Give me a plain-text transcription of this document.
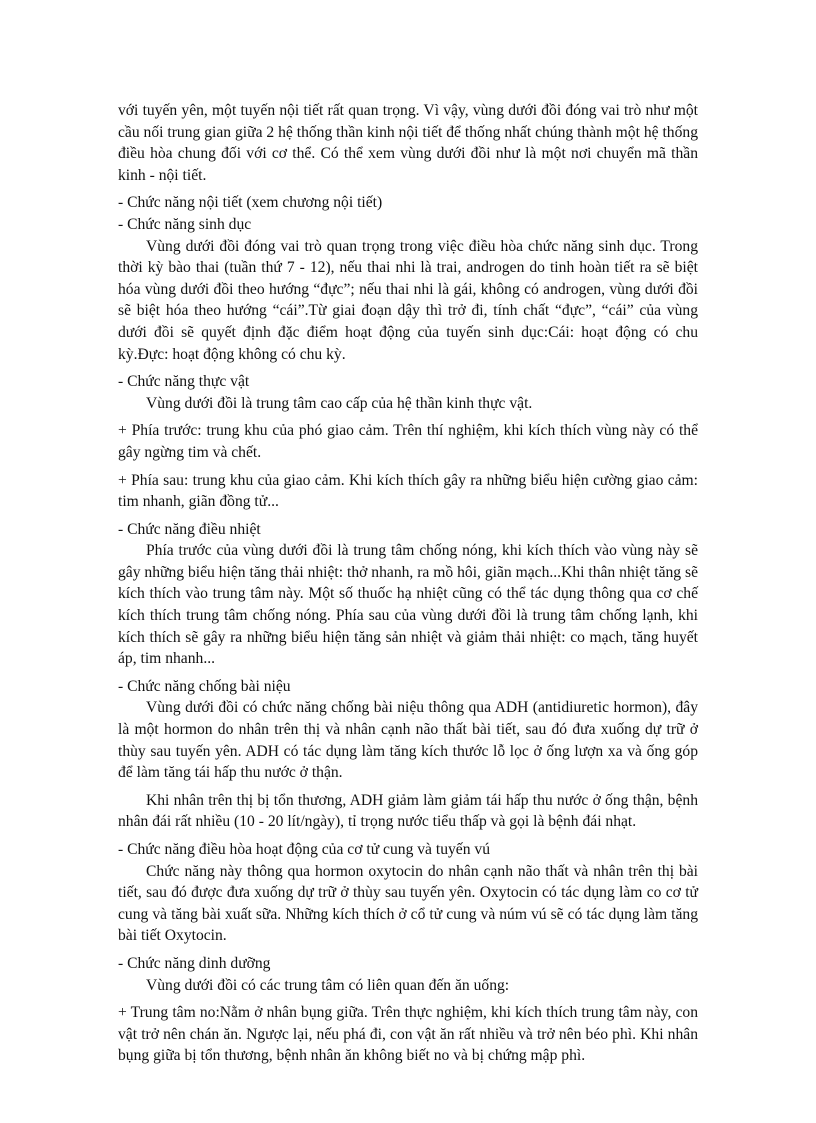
với tuyến yên, một tuyến nội tiết rất quan trọng. Vì vậy, vùng dưới đồi đóng vai trò như một cầu nối trung gian giữa 2 hệ thống thần kinh nội tiết để thống nhất chúng thành một hệ thống điều hòa chung đối với cơ thể. Có thể xem vùng dưới đồi như là một nơi chuyển mã thần kinh - nội tiết.

- Chức năng nội tiết (xem chương nội tiết)

- Chức năng sinh dục

Vùng dưới đồi đóng vai trò quan trọng trong việc điều hòa chức năng sinh dục. Trong thời kỳ bào thai (tuần thứ 7 - 12), nếu thai nhi là trai, androgen do tinh hoàn tiết ra sẽ biệt hóa vùng dưới đồi theo hướng “đực”; nếu thai nhi là gái, không có androgen, vùng dưới đồi sẽ biệt hóa theo hướng “cái”.Từ giai đoạn dậy thì trở đi, tính chất “đực”, “cái” của vùng dưới đồi sẽ quyết định đặc điểm hoạt động của tuyến sinh dục:Cái: hoạt động có chu kỳ.Đực: hoạt động không có chu kỳ.

- Chức năng thực vật

Vùng dưới đồi là trung tâm cao cấp của hệ thần kinh thực vật.

+ Phía trước: trung khu của phó giao cảm. Trên thí nghiệm, khi kích thích vùng này có thể gây ngừng tim và chết.

+ Phía sau: trung khu của giao cảm. Khi kích thích gây ra những biểu hiện cường giao cảm: tim nhanh, giãn đồng tử...

- Chức năng điều nhiệt

Phía trước của vùng dưới đồi là trung tâm chống nóng, khi kích thích vào vùng này sẽ gây những biểu hiện tăng thải nhiệt: thở nhanh, ra mồ hôi, giãn mạch...Khi thân nhiệt tăng sẽ kích thích vào trung tâm này. Một số thuốc hạ nhiệt cũng có thể tác dụng thông qua cơ chế kích thích trung tâm chống nóng. Phía sau của vùng dưới đồi là trung tâm chống lạnh, khi kích thích sẽ gây ra những biểu hiện tăng sản nhiệt và giảm thải nhiệt: co mạch, tăng huyết áp, tim nhanh...

- Chức năng chống bài niệu

Vùng dưới đồi có chức năng chống bài niệu thông qua ADH (antidiuretic hormon), đây là một hormon do nhân trên thị và nhân cạnh não thất bài tiết, sau đó đưa xuống dự trữ ở thùy sau tuyến yên. ADH có tác dụng làm tăng kích thước lỗ lọc ở ống lượn xa và ống góp để làm tăng tái hấp thu nước ở thận.

Khi nhân trên thị bị tổn thương, ADH giảm làm giảm tái hấp thu nước ở ống thận, bệnh nhân đái rất nhiều (10 - 20 lít/ngày), tỉ trọng nước tiểu thấp và gọi là bệnh đái nhạt.

- Chức năng điều hòa hoạt động của cơ tử cung và tuyến vú

Chức năng này thông qua hormon oxytocin do nhân cạnh não thất và nhân trên thị bài tiết, sau đó được đưa xuống dự trữ ở thùy sau tuyến yên. Oxytocin có tác dụng làm co cơ tử cung và tăng bài xuất sữa. Những kích thích ở cổ tử cung và núm vú sẽ có tác dụng làm tăng bài tiết Oxytocin.

- Chức năng dinh dưỡng

Vùng dưới đồi có các trung tâm có liên quan đến ăn uống:

+ Trung tâm no:Nằm ở nhân bụng giữa. Trên thực nghiệm, khi kích thích trung tâm này, con vật trở nên chán ăn. Ngược lại, nếu phá đi, con vật ăn rất nhiều và trở nên béo phì. Khi nhân bụng giữa bị tổn thương, bệnh nhân ăn không biết no và bị chứng mập phì.
